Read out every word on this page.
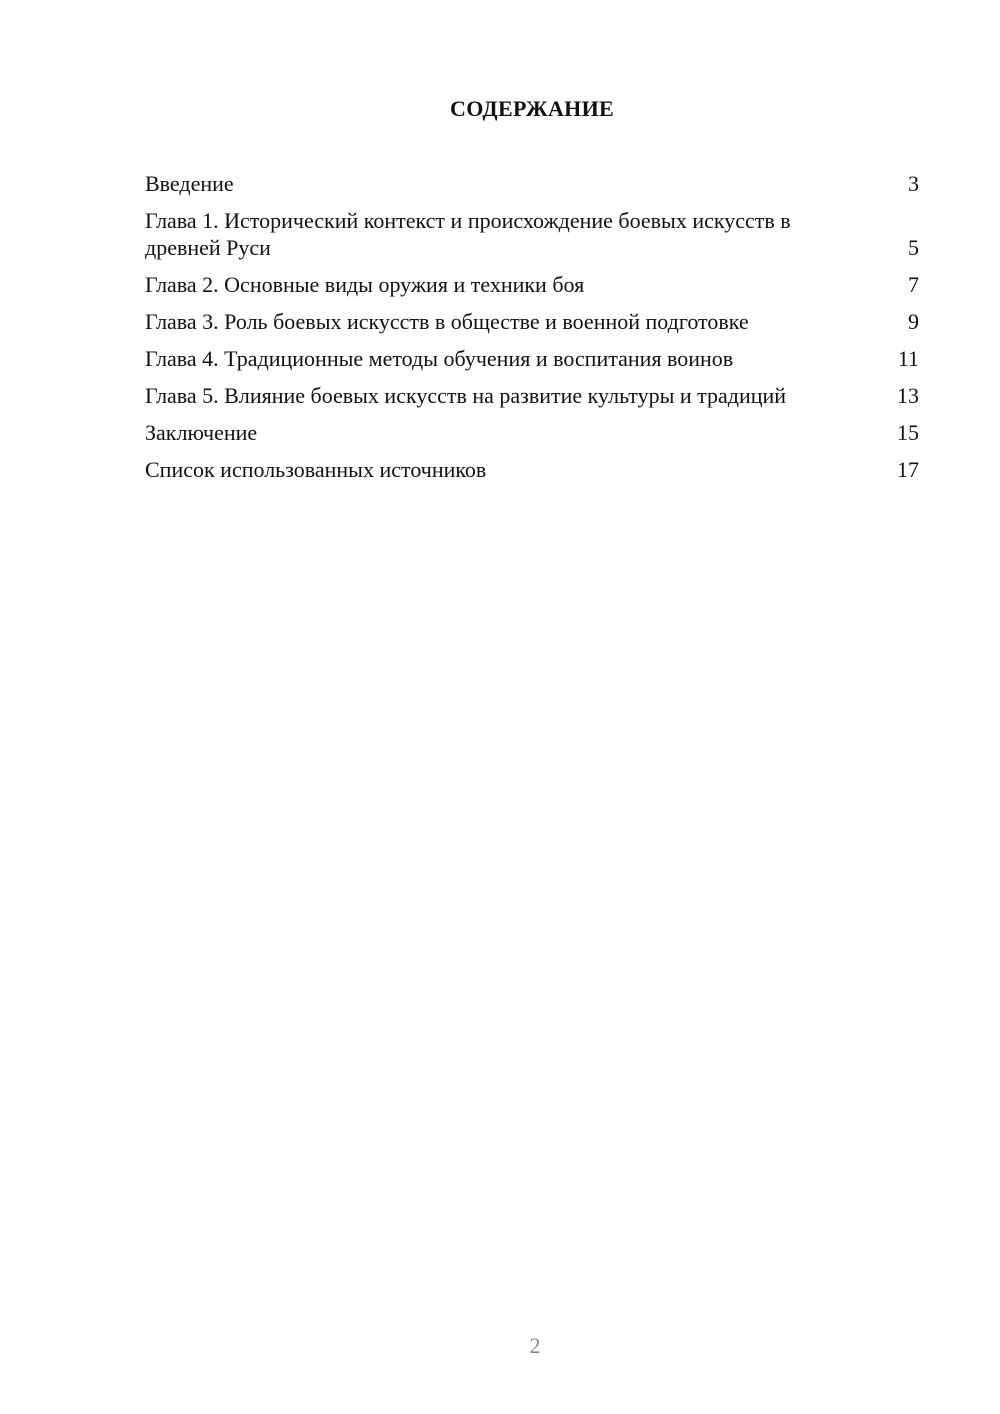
СОДЕРЖАНИЕ
Введение	3
Глава 1. Исторический контекст и происхождение боевых искусств в древней Руси	5
Глава 2. Основные виды оружия и техники боя	7
Глава 3. Роль боевых искусств в обществе и военной подготовке	9
Глава 4. Традиционные методы обучения и воспитания воинов	11
Глава 5. Влияние боевых искусств на развитие культуры и традиций	13
Заключение	15
Список использованных источников	17

2
